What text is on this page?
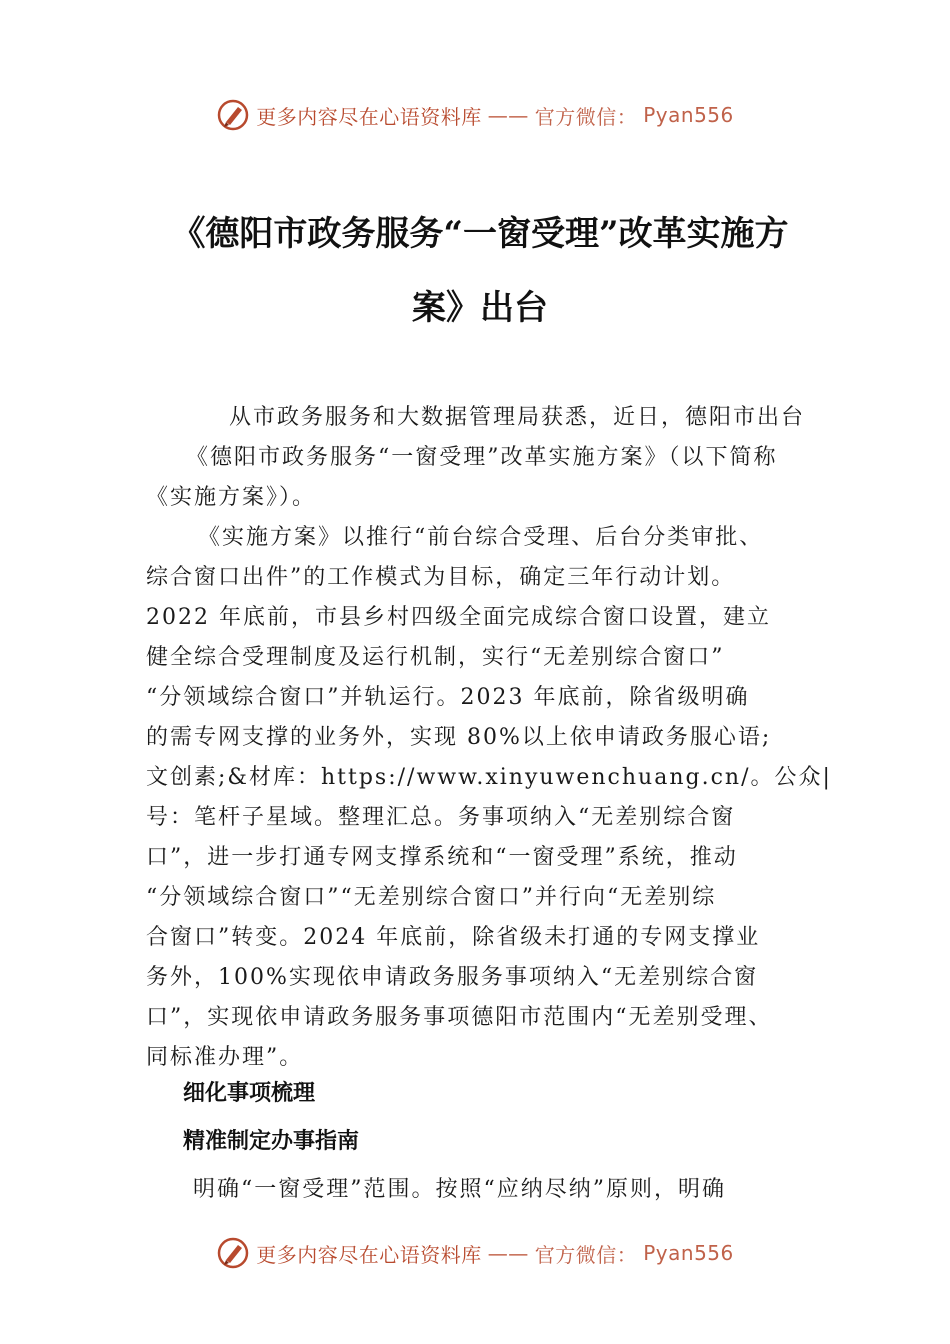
更多内容尽在心语资料库 —— 官方微信： Pyan556
《德阳市政务服务“一窗受理”改革实施方
案》出台
从市政务服务和大数据管理局获悉，近日，德阳市出台
《德阳市政务服务“一窗受理”改革实施方案》（以下简称
《实施方案》）。
《实施方案》以推行“前台综合受理、后台分类审批、
综合窗口出件”的工作模式为目标，确定三年行动计划。
2022 年底前，市县乡村四级全面完成综合窗口设置，建立
健全综合受理制度及运行机制，实行“无差别综合窗口”
“分领域综合窗口”并轨运行。2023 年底前，除省级明确
的需专网支撑的业务外，实现 80%以上依申请政务服心语;
文创素;&材库：https://www.xinyuwenchuang.cn/。公众|
号：笔杆子星域。整理汇总。务事项纳入“无差别综合窗
口”，进一步打通专网支撑系统和“一窗受理”系统，推动
“分领域综合窗口”“无差别综合窗口”并行向“无差别综
合窗口”转变。2024 年底前，除省级未打通的专网支撑业
务外，100%实现依申请政务服务事项纳入“无差别综合窗
口”，实现依申请政务服务事项德阳市范围内“无差别受理、
同标准办理”。
细化事项梳理
精准制定办事指南
明确“一窗受理”范围。按照“应纳尽纳”原则，明确
更多内容尽在心语资料库 —— 官方微信： Pyan556
